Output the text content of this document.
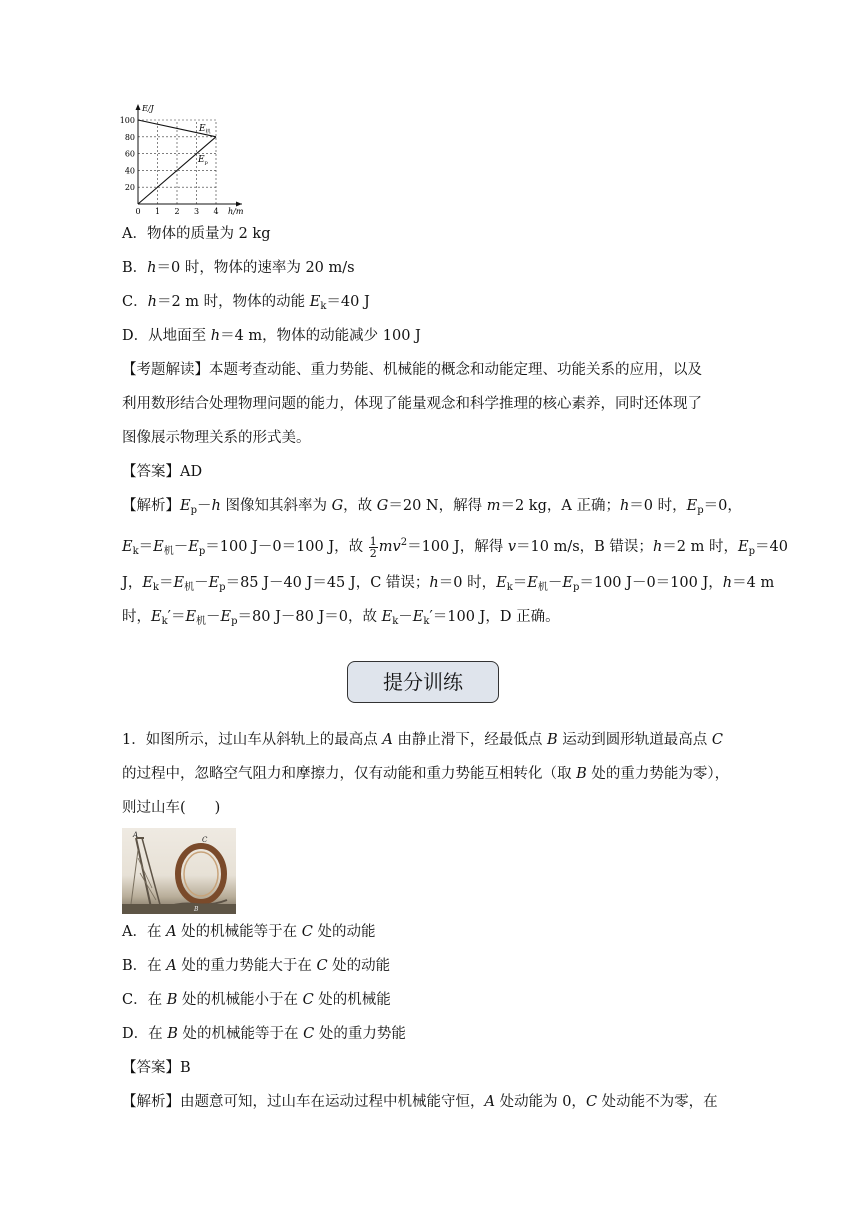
0 1 2 3 4
20
40
60
80
100
E/J
h/m
$E_机$
$E_p$
A．物体的质量为 2 kg
B．h＝0 时，物体的速率为 20 m/s
C．h＝2 m 时，物体的动能 $E_k=40$ J
D．从地面至 h＝4 m，物体的动能减少 100 J
【考题解读】本题考查动能、重力势能、机械能的概念和动能定理、功能关系的应用，以及
利用数形结合处理物理问题的能力，体现了能量观念和科学推理的核心素养，同时还体现了
图像展示物理关系的形式美。
【答案】AD
【解析】$E_p-h$ 图像知其斜率为 G，故 G＝20 N，解得 m＝2 kg，A 正确；h＝0 时，$E_p=0$，
$E_k=E_机-E_p=100$ J－0＝100 J，故 $\frac{1}{2} mv^2=100$ J，解得 v＝10 m/s，B 错误；h＝2 m 时，$E_p=40$
J，$E_k=E_机-E_p=85$ J－40 J＝45 J，C 错误；h＝0 时，$E_k=E_机-E_p=100$ J－0＝100 J，h＝4 m
时，$E_k'=E_机-E_p=80$ J－80 J＝0，故 $E_k-E_k'=100$ J，D 正确。
提分训练
1．如图所示，过山车从斜轨上的最高点 A 由静止滑下，经最低点 B 运动到圆形轨道最高点 C
的过程中，忽略空气阻力和摩擦力，仅有动能和重力势能互相转化（取 B 处的重力势能为零），
则过山车(　　)
A
C
B
A．在 A 处的机械能等于在 C 处的动能
B．在 A 处的重力势能大于在 C 处的动能
C．在 B 处的机械能小于在 C 处的机械能
D．在 B 处的机械能等于在 C 处的重力势能
【答案】B
【解析】由题意可知，过山车在运动过程中机械能守恒，A 处动能为 0，C 处动能不为零，在
